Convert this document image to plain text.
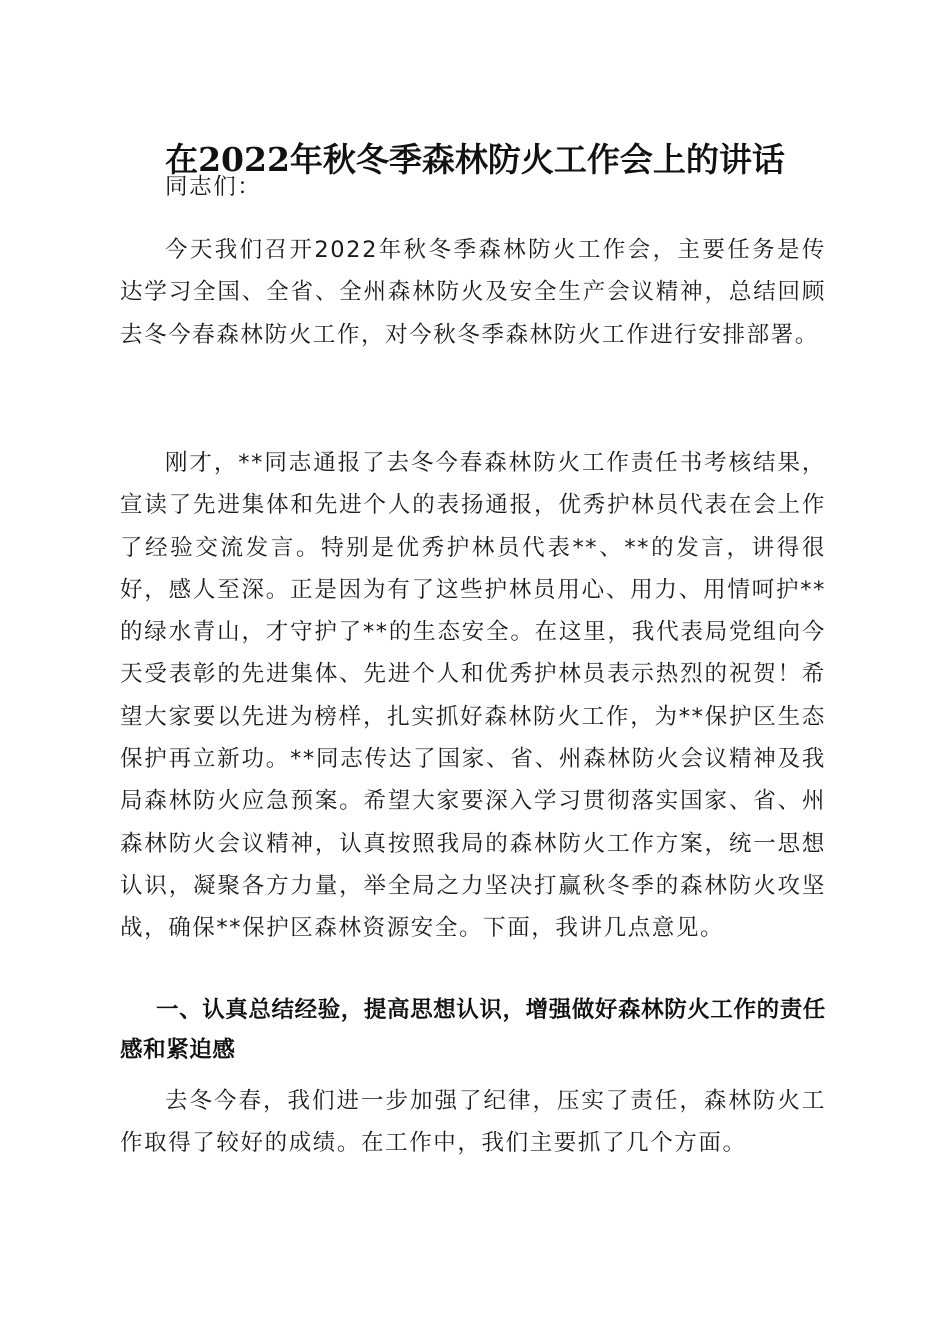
在2022年秋冬季森林防火工作会上的讲话

同志们：

今天我们召开2022年秋冬季森林防火工作会，主要任务是传达学习全国、全省、全州森林防火及安全生产会议精神，总结回顾去冬今春森林防火工作，对今秋冬季森林防火工作进行安排部署。

刚才，**同志通报了去冬今春森林防火工作责任书考核结果，宣读了先进集体和先进个人的表扬通报，优秀护林员代表在会上作了经验交流发言。特别是优秀护林员代表**、**的发言，讲得很好，感人至深。正是因为有了这些护林员用心、用力、用情呵护**的绿水青山，才守护了**的生态安全。在这里，我代表局党组向今天受表彰的先进集体、先进个人和优秀护林员表示热烈的祝贺！希望大家要以先进为榜样，扎实抓好森林防火工作，为**保护区生态保护再立新功。**同志传达了国家、省、州森林防火会议精神及我局森林防火应急预案。希望大家要深入学习贯彻落实国家、省、州森林防火会议精神，认真按照我局的森林防火工作方案，统一思想认识，凝聚各方力量，举全局之力坚决打赢秋冬季的森林防火攻坚战，确保**保护区森林资源安全。下面，我讲几点意见。

一、认真总结经验，提高思想认识，增强做好森林防火工作的责任感和紧迫感

去冬今春，我们进一步加强了纪律，压实了责任，森林防火工作取得了较好的成绩。在工作中，我们主要抓了几个方面。
